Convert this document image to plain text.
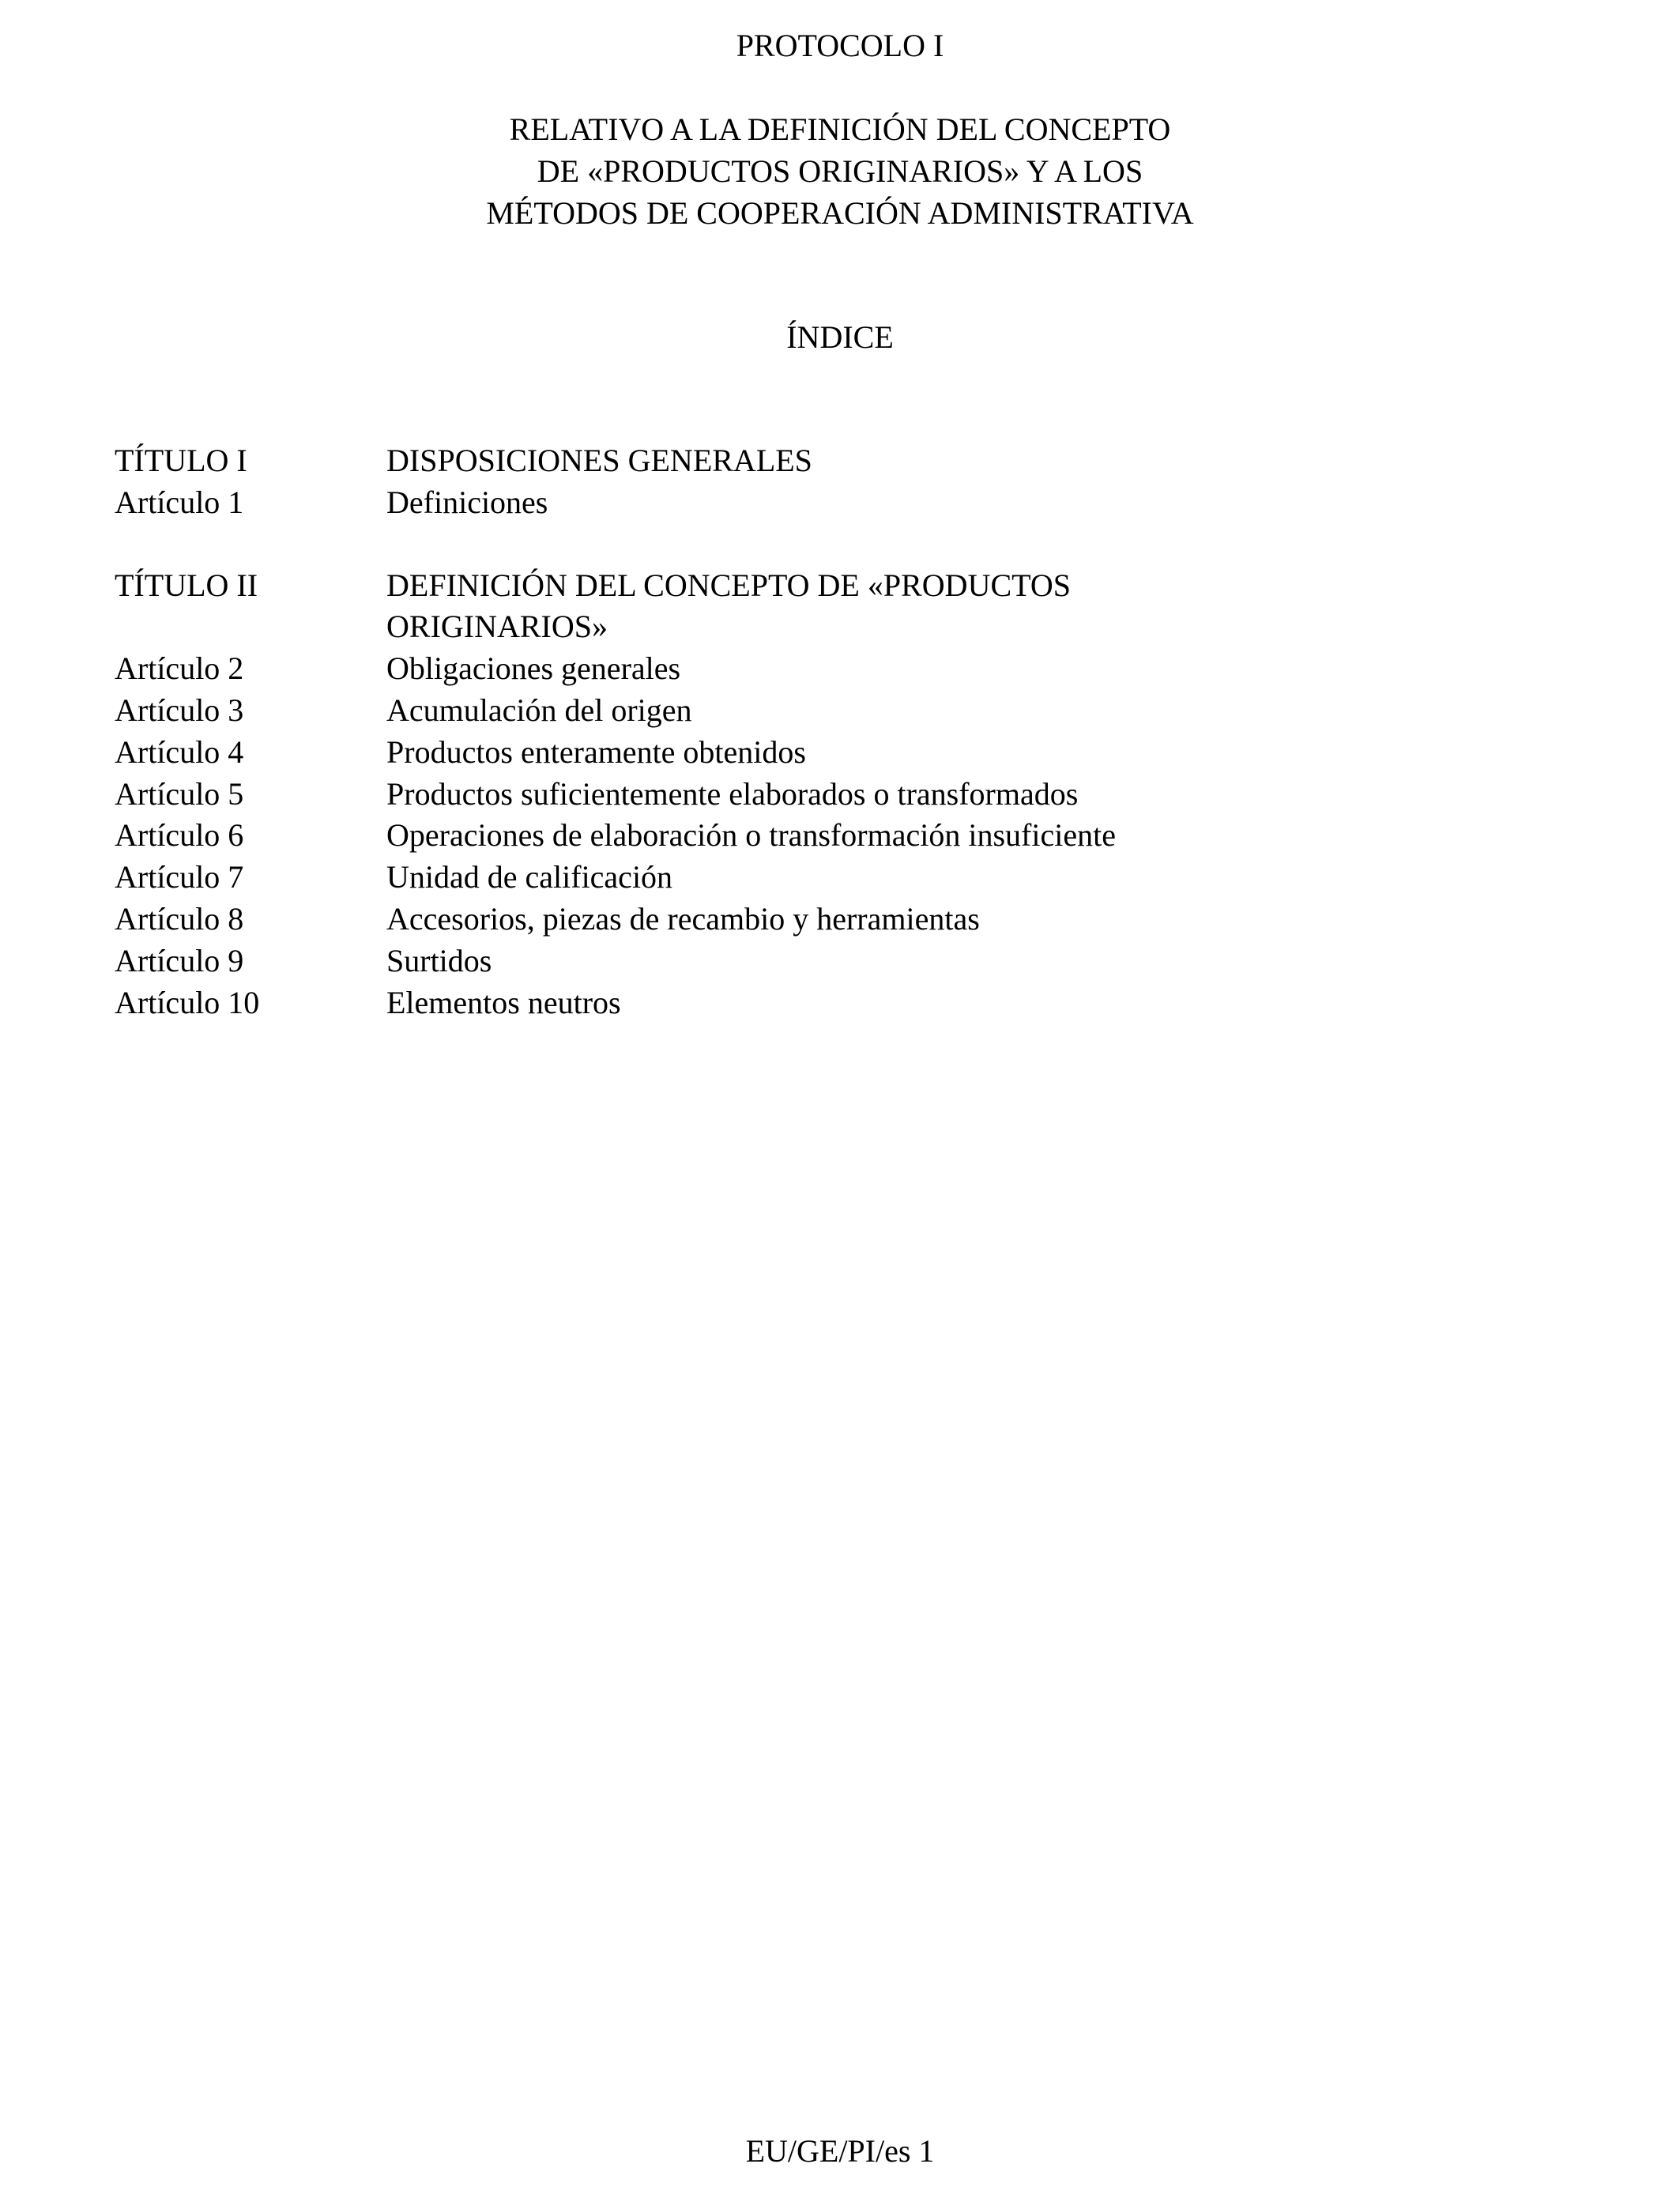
PROTOCOLO I
RELATIVO A LA DEFINICIÓN DEL CONCEPTO
DE «PRODUCTOS ORIGINARIOS» Y A LOS
MÉTODOS DE COOPERACIÓN ADMINISTRATIVA
ÍNDICE
TÍTULO I	DISPOSICIONES GENERALES
Artículo 1	Definiciones
TÍTULO II	DEFINICIÓN DEL CONCEPTO DE «PRODUCTOS
ORIGINARIOS»
Artículo 2	Obligaciones generales
Artículo 3	Acumulación del origen
Artículo 4	Productos enteramente obtenidos
Artículo 5	Productos suficientemente elaborados o transformados
Artículo 6	Operaciones de elaboración o transformación insuficiente
Artículo 7	Unidad de calificación
Artículo 8	Accesorios, piezas de recambio y herramientas
Artículo 9	Surtidos
Artículo 10	Elementos neutros
EU/GE/PI/es 1
